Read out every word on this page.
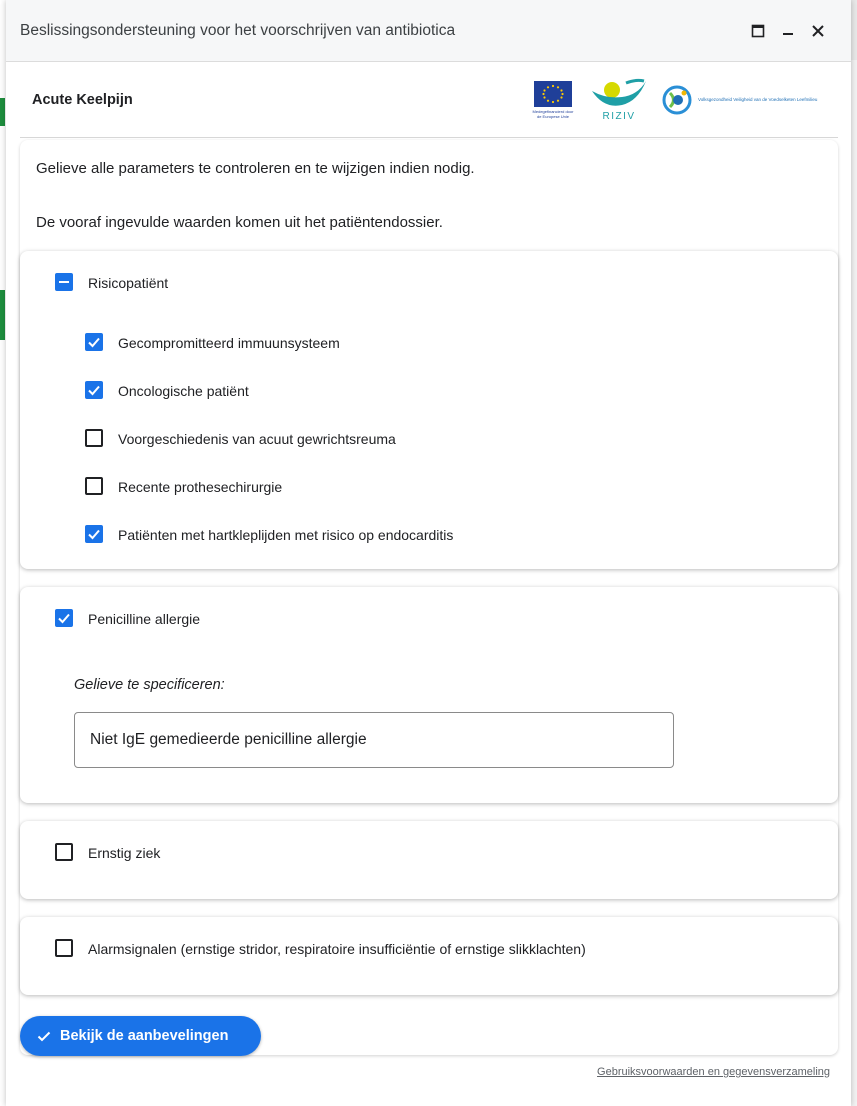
Beslissingsondersteuning voor het voorschrijven van antibiotica
Acute Keelpijn
Medegefinancierd door de Europese Unie	RIZIV
Volksgezondheid Veiligheid van de Voedselketen Leefmilieu

Gelieve alle parameters te controleren en te wijzigen indien nodig.

De vooraf ingevulde waarden komen uit het patiëntendossier.

Risicopatiënt
Gecompromitteerd immuunsysteem
Oncologische patiënt
Voorgeschiedenis van acuut gewrichtsreuma
Recente prothesechirurgie
Patiënten met hartkleplijden met risico op endocarditis
Penicilline allergie
Gelieve te specificeren:
Niet IgE gemedieerde penicilline allergie
Ernstig ziek
Alarmsignalen (ernstige stridor, respiratoire insufficiëntie of ernstige slikklachten)
Bekijk de aanbevelingen
Gebruiksvoorwaarden en gegevensverzameling
